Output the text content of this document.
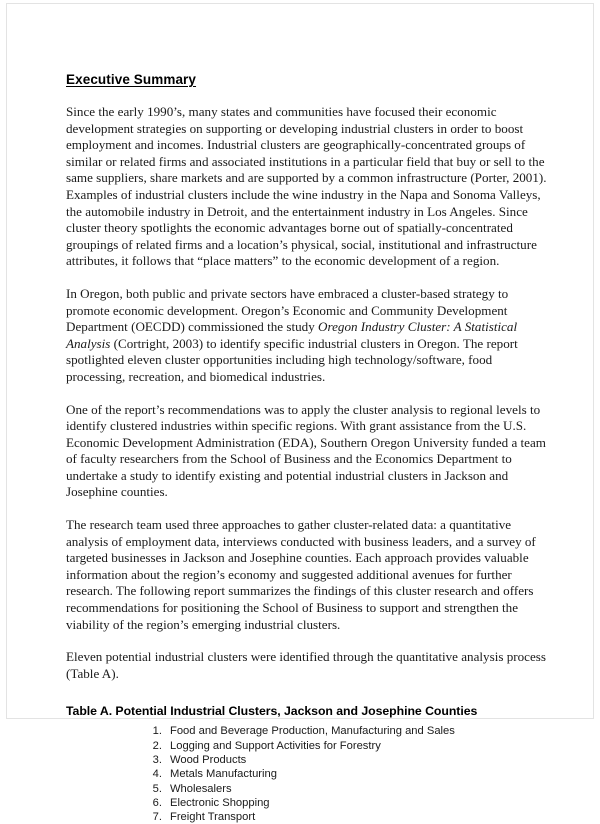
Executive Summary

Since the early 1990’s, many states and communities have focused their economic development strategies on supporting or developing industrial clusters in order to boost employment and incomes. Industrial clusters are geographically-concentrated groups of similar or related firms and associated institutions in a particular field that buy or sell to the same suppliers, share markets and are supported by a common infrastructure (Porter, 2001). Examples of industrial clusters include the wine industry in the Napa and Sonoma Valleys, the automobile industry in Detroit, and the entertainment industry in Los Angeles. Since cluster theory spotlights the economic advantages borne out of spatially-concentrated groupings of related firms and a location’s physical, social, institutional and infrastructure attributes, it follows that “place matters” to the economic development of a region.

In Oregon, both public and private sectors have embraced a cluster-based strategy to promote economic development. Oregon’s Economic and Community Development Department (OECDD) commissioned the study Oregon Industry Cluster: A Statistical Analysis (Cortright, 2003) to identify specific industrial clusters in Oregon. The report spotlighted eleven cluster opportunities including high technology/software, food processing, recreation, and biomedical industries.

One of the report’s recommendations was to apply the cluster analysis to regional levels to identify clustered industries within specific regions. With grant assistance from the U.S. Economic Development Administration (EDA), Southern Oregon University funded a team of faculty researchers from the School of Business and the Economics Department to undertake a study to identify existing and potential industrial clusters in Jackson and Josephine counties.

The research team used three approaches to gather cluster-related data: a quantitative analysis of employment data, interviews conducted with business leaders, and a survey of targeted businesses in Jackson and Josephine counties. Each approach provides valuable information about the region’s economy and suggested additional avenues for further research. The following report summarizes the findings of this cluster research and offers recommendations for positioning the School of Business to support and strengthen the viability of the region’s emerging industrial clusters.

Eleven potential industrial clusters were identified through the quantitative analysis process (Table A).

Table A. Potential Industrial Clusters, Jackson and Josephine Counties

1. Food and Beverage Production, Manufacturing and Sales
2. Logging and Support Activities for Forestry
3. Wood Products
4. Metals Manufacturing
5. Wholesalers
6. Electronic Shopping
7. Freight Transport
